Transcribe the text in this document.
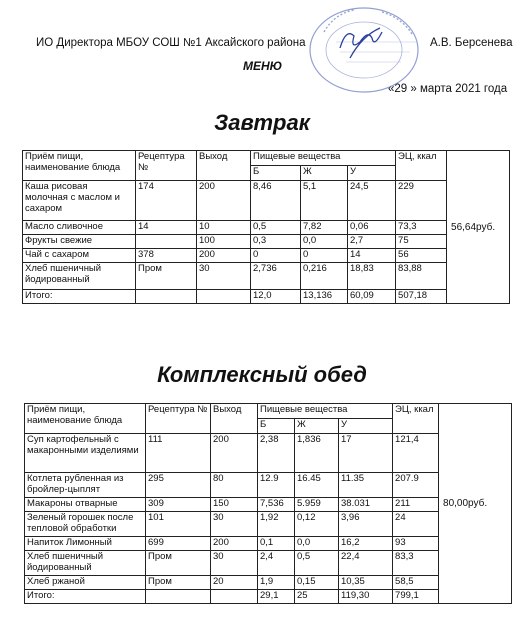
ИО Директора МБОУ СОШ №1 Аксайского района	А.В. Берсенева
МЕНЮ
«29 » марта 2021 года
Завтрак
Приём пищи, наименование блюда	Рецептура №	Выход	Пищевые вещества			ЭЦ, ккал	56,64руб.
			Б	Ж	У		
Каша рисовая молочная с маслом и сахаром	174	200	8,46	5,1	24,5	229	
Масло сливочное	14	10	0,5	7,82	0,06	73,3	
Фрукты свежие		100	0,3	0,0	2,7	75	
Чай с сахаром	378	200	0	0	14	56	
Хлеб пшеничный йодированный	Пром	30	2,736	0,216	18,83	83,88	
Итого:			12,0	13,136	60,09	507,18	
Комплексный обед
Приём пищи, наименование блюда	Рецептура №	Выход	Пищевые вещества			ЭЦ, ккал	80,00руб.
			Б	Ж	У		
Суп картофельный с макаронными изделиями	111	200	2,38	1,836	17	121,4	
Котлета рубленная из бройлер-цыплят	295	80	12.9	16.45	11.35	207.9	
Макароны отварные	309	150	7,536	5.959	38.031	211	
Зеленый горошек после тепловой обработки	101	30	1,92	0,12	3,96	24	
Напиток Лимонный	699	200	0,1	0,0	16,2	93	
Хлеб пшеничный йодированный	Пром	30	2,4	0,5	22,4	83,3	
Хлеб ржаной	Пром	20	1,9	0,15	10,35	58,5	
Итого:			29,1	25	119,30	799,1	
